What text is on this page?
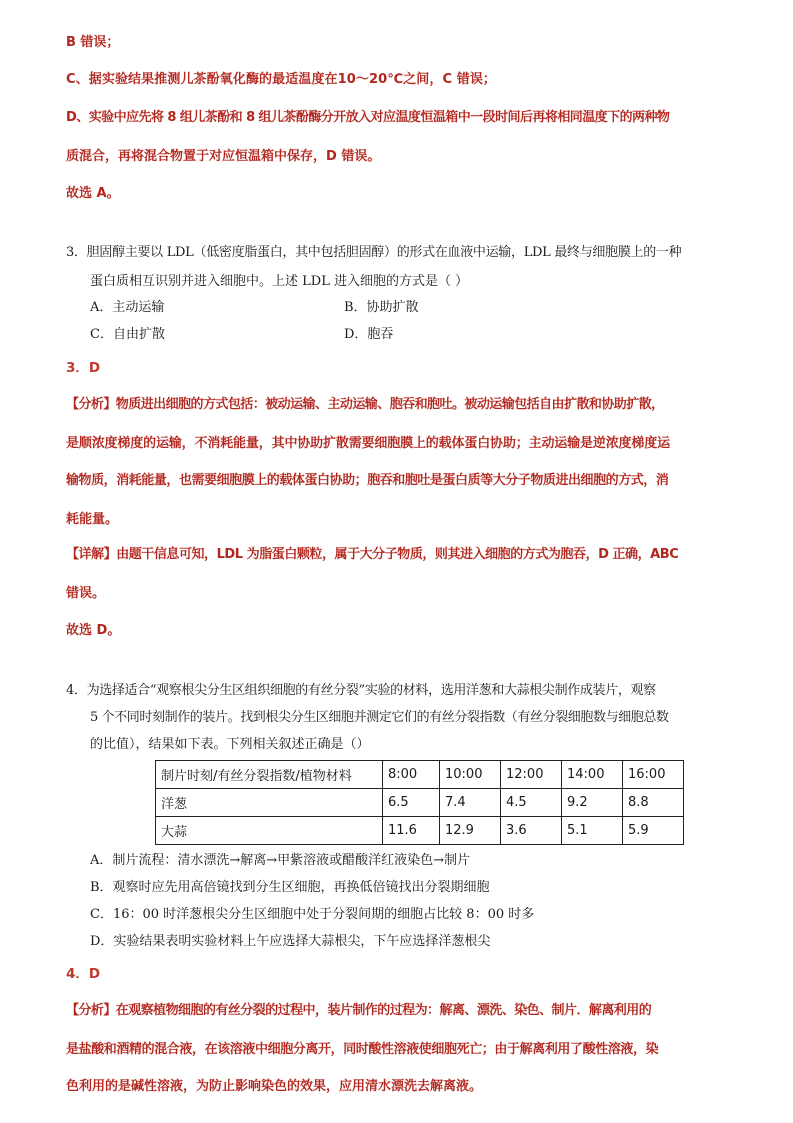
B 错误；
C、据实验结果推测儿茶酚氧化酶的最适温度在10～20℃之间，C 错误；
D、实验中应先将 8 组儿茶酚和 8 组儿茶酚酶分开放入对应温度恒温箱中一段时间后再将相同温度下的两种物
质混合，再将混合物置于对应恒温箱中保存，D 错误。
故选 A。
3．胆固醇主要以 LDL（低密度脂蛋白，其中包括胆固醇）的形式在血液中运输，LDL 最终与细胞膜上的一种
蛋白质相互识别并进入细胞中。上述 LDL 进入细胞的方式是（ ）
A．主动运输	B．协助扩散
C．自由扩散	D．胞吞
3．D
【分析】物质进出细胞的方式包括：被动运输、主动运输、胞吞和胞吐。被动运输包括自由扩散和协助扩散，
是顺浓度梯度的运输，不消耗能量，其中协助扩散需要细胞膜上的载体蛋白协助；主动运输是逆浓度梯度运
输物质，消耗能量，也需要细胞膜上的载体蛋白协助；胞吞和胞吐是蛋白质等大分子物质进出细胞的方式，消
耗能量。
【详解】由题干信息可知，LDL 为脂蛋白颗粒，属于大分子物质，则其进入细胞的方式为胞吞，D 正确，ABC
错误。
故选 D。
4．为选择适合“观察根尖分生区组织细胞的有丝分裂”实验的材料，选用洋葱和大蒜根尖制作成装片，观察
5 个不同时刻制作的装片。找到根尖分生区细胞并测定它们的有丝分裂指数（有丝分裂细胞数与细胞总数
的比值），结果如下表。下列相关叙述正确是（）
制片时刻/有丝分裂指数/植物材料	8:00	10:00	12:00	14:00	16:00
洋葱	6.5	7.4	4.5	9.2	8.8
大蒜	11.6	12.9	3.6	5.1	5.9
A．制片流程：清水漂洗→解离→甲紫溶液或醋酸洋红液染色→制片
B．观察时应先用高倍镜找到分生区细胞，再换低倍镜找出分裂期细胞
C．16：00 时洋葱根尖分生区细胞中处于分裂间期的细胞占比较 8：00 时多
D．实验结果表明实验材料上午应选择大蒜根尖，下午应选择洋葱根尖
4．D
【分析】在观察植物细胞的有丝分裂的过程中，装片制作的过程为：解离、漂洗、染色、制片．解离利用的
是盐酸和酒精的混合液，在该溶液中细胞分离开，同时酸性溶液使细胞死亡；由于解离利用了酸性溶液，染
色利用的是碱性溶液，为防止影响染色的效果，应用清水漂洗去解离液。
